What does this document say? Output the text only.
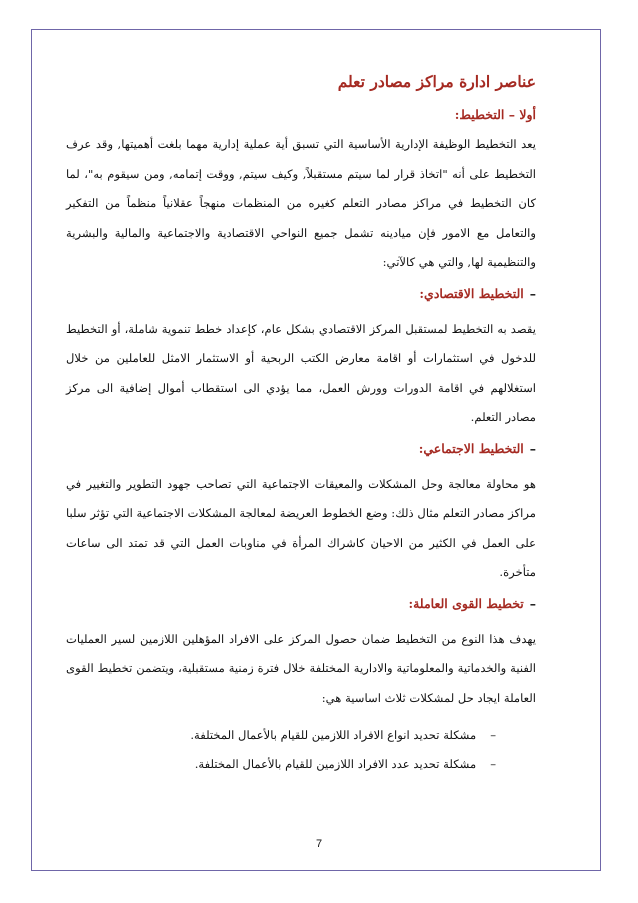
عناصر ادارة مراكز مصادر تعلم
أولا – التخطيط:

يعد التخطيط الوظيفة الإدارية الأساسية التي تسبق أية عملية إدارية مهما بلغت أهميتها, وقد عرف التخطيط على أنه "اتخاذ قرار لما سيتم مستقبلاً, وكيف سيتم, ووقت إتمامه, ومن سيقوم به"، لما كان التخطيط في مراكز مصادر التعلم كغيره من المنظمات منهجاً عقلانياً منظماً من التفكير والتعامل مع الامور فإن ميادينه تشمل جميع النواحي الاقتصادية والاجتماعية والمالية والبشرية والتنظيمية لها, والتي هي كالآتي:

–التخطيط الاقتصادي:

يقصد به التخطيط لمستقبل المركز الاقتصادي بشكل عام، كإعداد خطط تنموية شاملة، أو التخطيط للدخول في استثمارات أو اقامة معارض الكتب الربحية أو الاستثمار الامثل للعاملين من خلال استغلالهم في اقامة الدورات وورش العمل، مما يؤدي الى استقطاب أموال إضافية الى مركز مصادر التعلم.

–التخطيط الاجتماعي:

هو محاولة معالجة وحل المشكلات والمعيقات الاجتماعية التي تصاحب جهود التطوير والتغيير في مراكز مصادر التعلم مثال ذلك: وضع الخطوط العريضة لمعالجة المشكلات الاجتماعية التي تؤثر سلبا على العمل في الكثير من الاحيان كاشراك المرأة في مناوبات العمل التي قد تمتد الى ساعات متأخرة.

–تخطيط القوى العاملة:

يهدف هذا النوع من التخطيط ضمان حصول المركز على الافراد المؤهلين اللازمين لسير العمليات الفنية والخدماتية والمعلوماتية والادارية المختلفة خلال فترة زمنية مستقبلية، ويتضمن تخطيط القوى العاملة ايجاد حل لمشكلات ثلاث اساسية هي:

–مشكلة تحديد انواع الافراد اللازمين للقيام بالأعمال المختلفة.
–مشكلة تحديد عدد الافراد اللازمين للقيام بالأعمال المختلفة.
7
